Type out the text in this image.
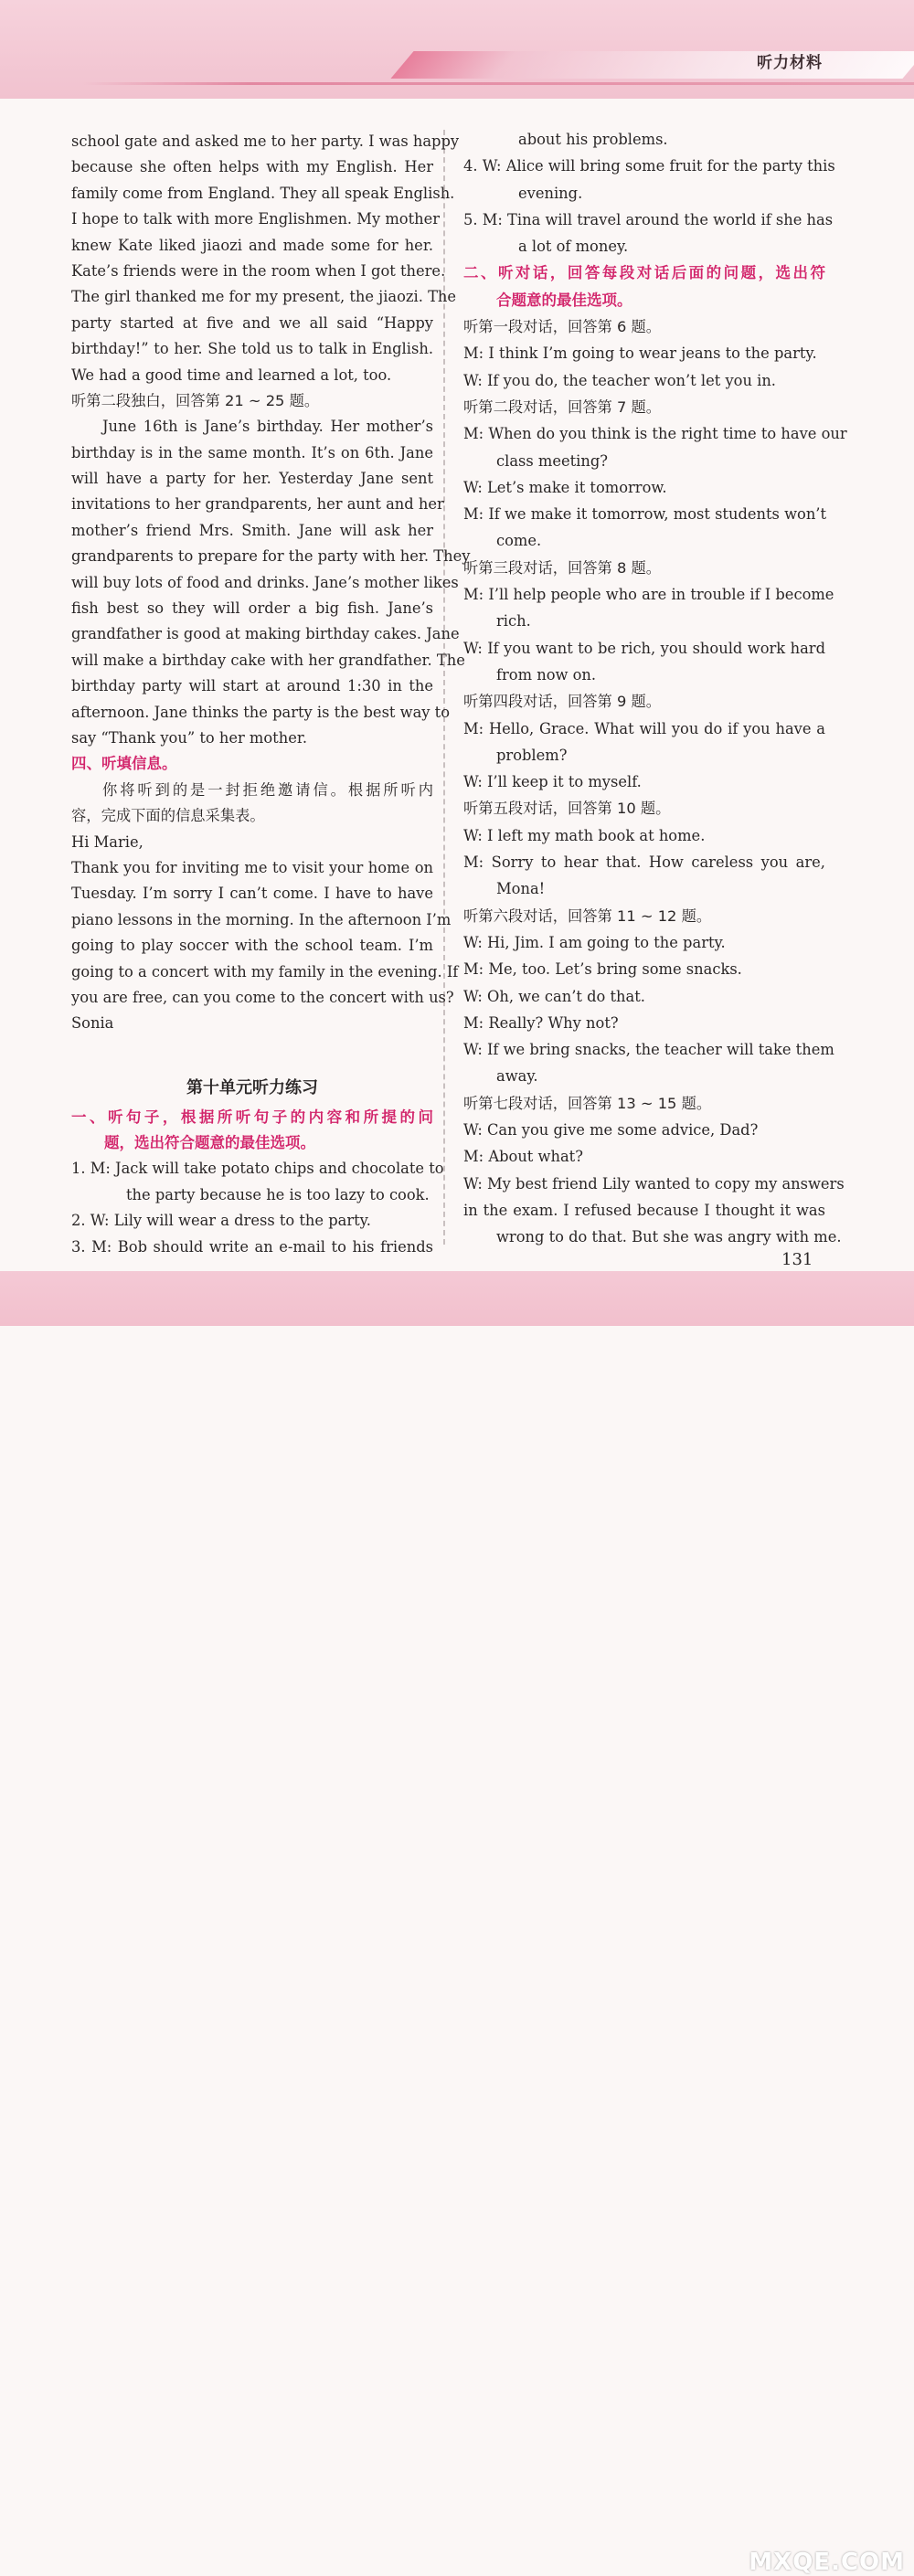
听力材料
school gate and asked me to her party. I was happy
because she often helps with my English. Her
family come from England. They all speak English.
I hope to talk with more Englishmen. My mother
knew Kate liked jiaozi and made some for her.
Kate’s friends were in the room when I got there.
The girl thanked me for my present, the jiaozi. The
party started at five and we all said “Happy
birthday!” to her. She told us to talk in English.
We had a good time and learned a lot, too.
听第二段独白，回答第 21 ~ 25 题。
June 16th is Jane’s birthday. Her mother’s
birthday is in the same month. It’s on 6th. Jane
will have a party for her. Yesterday Jane sent
invitations to her grandparents, her aunt and her
mother’s friend Mrs. Smith. Jane will ask her
grandparents to prepare for the party with her. They
will buy lots of food and drinks. Jane’s mother likes
fish best so they will order a big fish. Jane’s
grandfather is good at making birthday cakes. Jane
will make a birthday cake with her grandfather. The
birthday party will start at around 1:30 in the
afternoon. Jane thinks the party is the best way to
say “Thank you” to her mother.
四、听填信息。
你将听到的是一封拒绝邀请信。根据所听内
容，完成下面的信息采集表。
Hi Marie,
Thank you for inviting me to visit your home on
Tuesday. I’m sorry I can’t come. I have to have
piano lessons in the morning. In the afternoon I’m
going to play soccer with the school team. I’m
going to a concert with my family in the evening. If
you are free, can you come to the concert with us?
Sonia
第十单元听力练习
一、听句子，根据所听句子的内容和所提的问
题，选出符合题意的最佳选项。
1. M: Jack will take potato chips and chocolate to
the party because he is too lazy to cook.
2. W: Lily will wear a dress to the party.
3. M: Bob should write an e-mail to his friends
about his problems.
4. W: Alice will bring some fruit for the party this
evening.
5. M: Tina will travel around the world if she has
a lot of money.
二、听对话，回答每段对话后面的问题，选出符
合题意的最佳选项。
听第一段对话，回答第 6 题。
M: I think I’m going to wear jeans to the party.
W: If you do, the teacher won’t let you in.
听第二段对话，回答第 7 题。
M: When do you think is the right time to have our
class meeting?
W: Let’s make it tomorrow.
M: If we make it tomorrow, most students won’t
come.
听第三段对话，回答第 8 题。
M: I’ll help people who are in trouble if I become
rich.
W: If you want to be rich, you should work hard
from now on.
听第四段对话，回答第 9 题。
M: Hello, Grace. What will you do if you have a
problem?
W: I’ll keep it to myself.
听第五段对话，回答第 10 题。
W: I left my math book at home.
M: Sorry to hear that. How careless you are,
Mona!
听第六段对话，回答第 11 ~ 12 题。
W: Hi, Jim. I am going to the party.
M: Me, too. Let’s bring some snacks.
W: Oh, we can’t do that.
M: Really? Why not?
W: If we bring snacks, the teacher will take them
away.
听第七段对话，回答第 13 ~ 15 题。
W: Can you give me some advice, Dad?
M: About what?
W: My best friend Lily wanted to copy my answers
in the exam. I refused because I thought it was
wrong to do that. But she was angry with me.
MXQE.COM
131
